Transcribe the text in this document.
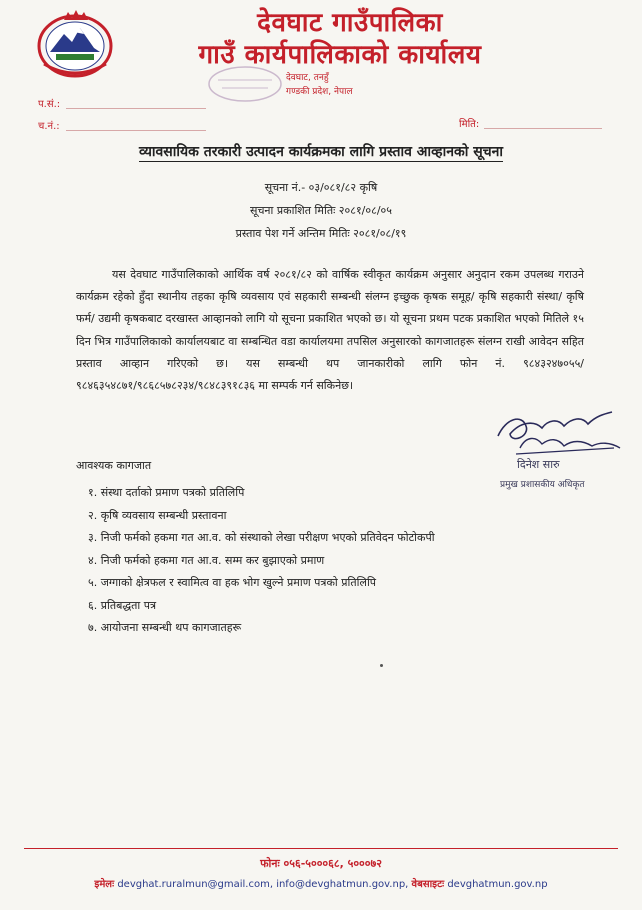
देवघाट गाउँपालिका
गाउँ कार्यपालिकाको कार्यालय
देवघाट, तनहुँ
गण्डकी प्रदेश, नेपाल
प.सं.:
च.नं.:	मिति:
व्यावसायिक तरकारी उत्पादन कार्यक्रमका लागि प्रस्ताव आव्हानको सूचना
सूचना नं.- ०३/०८१/८२ कृषि
सूचना प्रकाशित मितिः २०८१/०८/०५
प्रस्ताव पेश गर्ने अन्तिम मितिः २०८१/०८/१९
यस देवघाट गाउँपालिकाको आर्थिक वर्ष २०८१/८२ को वार्षिक स्वीकृत कार्यक्रम अनुसार अनुदान रकम उपलब्ध गराउने कार्यक्रम रहेको हुँदा स्थानीय तहका कृषि व्यवसाय एवं सहकारी सम्बन्धी संलग्न इच्छुक कृषक समूह/ कृषि सहकारी संस्था/ कृषि फर्म/ उद्यमी कृषकबाट दरखास्त आव्हानको लागि यो सूचना प्रकाशित भएको छ। यो सूचना प्रथम पटक प्रकाशित भएको मितिले १५ दिन भित्र गाउँपालिकाको कार्यालयबाट वा सम्बन्धित वडा कार्यालयमा तपसिल अनुसारको कागजातहरू संलग्न राखी आवेदन सहित प्रस्ताव आव्हान गरिएको छ। यस सम्बन्धी थप जानकारीको लागि फोन नं. ९८४३२४७०५५/ ९८४६३५४८७१/९८६८५७८२३४/९८४८३९१८३६ मा सम्पर्क गर्न सकिनेछ।
दिनेश सारु
प्रमुख प्रशासकीय अधिकृत
आवश्यक कागजात
१. संस्था दर्ताको प्रमाण पत्रको प्रतिलिपि
२. कृषि व्यवसाय सम्बन्धी प्रस्तावना
३. निजी फर्मको हकमा गत आ.व. को संस्थाको लेखा परीक्षण भएको प्रतिवेदन फोटोकपी
४. निजी फर्मको हकमा गत आ.व. सम्म कर बुझाएको प्रमाण
५. जग्गाको क्षेत्रफल र स्वामित्व वा हक भोग खुल्ने प्रमाण पत्रको प्रतिलिपि
६. प्रतिबद्धता पत्र
७. आयोजना सम्बन्धी थप कागजातहरू
फोनः ०५६-५०००६८, ५०००७२
इमेलः devghat.ruralmun@gmail.com, info@devghatmun.gov.np, वेबसाइटः devghatmun.gov.np
